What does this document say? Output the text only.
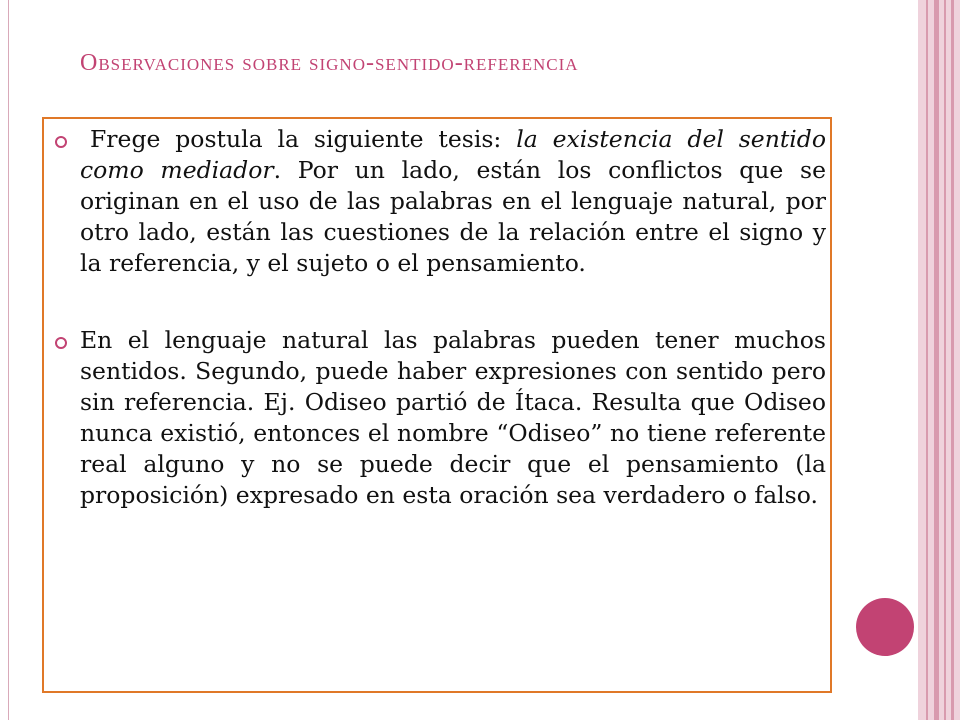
Observaciones sobre signo-sentido-referencia
Frege postula la siguiente tesis: la existencia del sentido como mediador. Por un lado, están los conflictos que se originan en el uso de las palabras en el lenguaje natural, por otro lado, están las cuestiones de la relación entre el signo y la referencia, y el sujeto o el pensamiento.
En el lenguaje natural las palabras pueden tener muchos sentidos. Segundo, puede haber expresiones con sentido pero sin referencia. Ej. Odiseo partió de Ítaca. Resulta que Odiseo nunca existió, entonces el nombre “Odiseo” no tiene referente real alguno y no se puede decir que el pensamiento (la proposición) expresado en esta oración sea verdadero o falso.
